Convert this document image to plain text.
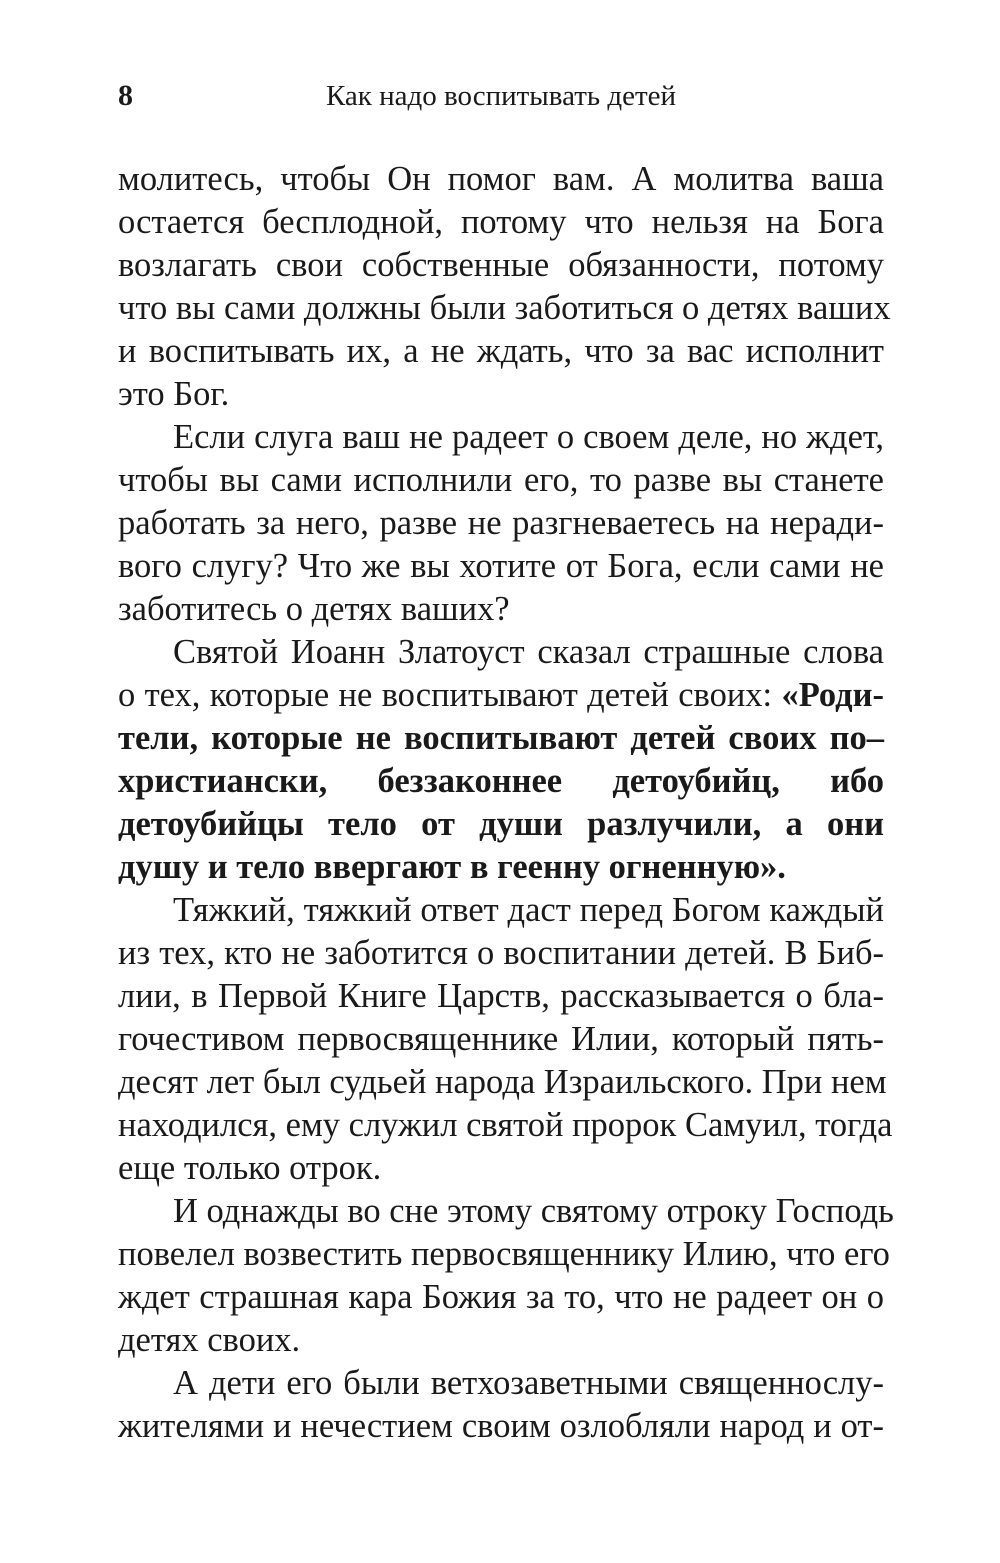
8	Как надо воспитывать детей
молитесь, чтобы Он помог вам. А молитва ваша
остается бесплодной, потому что нельзя на Бога
возлагать свои собственные обязанности, потому
что вы сами должны были заботиться о детях ваших
и воспитывать их, а не ждать, что за вас исполнит
это Бог.
Если слуга ваш не радеет о своем деле, но ждет,
чтобы вы сами исполнили его, то разве вы станете
работать за него, разве не разгневаетесь на неради-
вого слугу? Что же вы хотите от Бога, если сами не
заботитесь о детях ваших?
Святой Иоанн Златоуст сказал страшные слова
о тех, которые не воспитывают детей своих: «Роди-
тели, которые не воспитывают детей своих по–
христиански, беззаконнее детоубийц, ибо
детоубийцы тело от души разлучили, а они
душу и тело ввергают в геенну огненную».
Тяжкий, тяжкий ответ даст перед Богом каждый
из тех, кто не заботится о воспитании детей. В Биб-
лии, в Первой Книге Царств, рассказывается о бла-
гочестивом первосвященнике Илии, который пять-
десят лет был судьей народа Израильского. При нем
находился, ему служил святой пророк Самуил, тогда
еще только отрок.
И однажды во сне этому святому отроку Господь
повелел возвестить первосвященнику Илию, что его
ждет страшная кара Божия за то, что не радеет он о
детях своих.
А дети его были ветхозаветными священнослу-
жителями и нечестием своим озлобляли народ и от-
